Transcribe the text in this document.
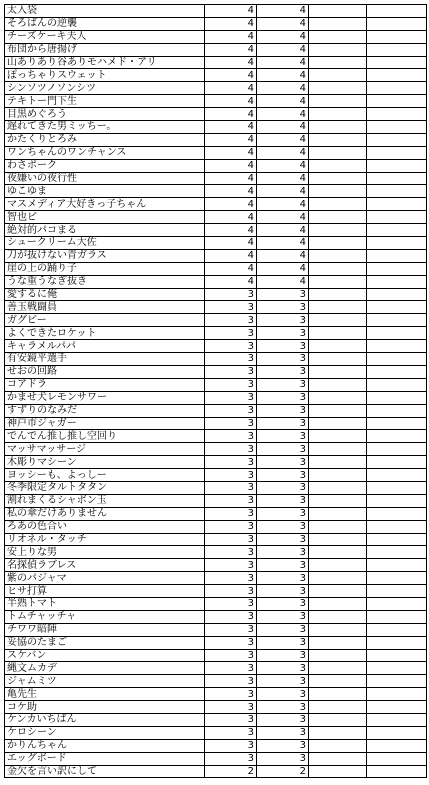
太入袋	4	4		
そろばんの逆襲	4	4		
チーズケーキ夫人	4	4		
布団から唐揚げ	4	4		
山ありあり谷ありモハメド・アリ	4	4		
ぽっちゃりスウェット	4	4		
シンソツノソンシツ	4	4		
テキトー門下生	4	4		
目黒めぐろう	4	4		
遅れてきた男ミッちー。	4	4		
かたくりとろみ	4	4		
ワンちゃんのワンチャンス	4	4		
わさポーク	4	4		
夜嫌いの夜行性	4	4		
ゆこゆま	4	4		
マスメディア大好きっ子ちゃん	4	4		
智也ピ	4	4		
絶対的パコまる	4	4		
シュークリーム大佐	4	4		
刀が抜けない青ガラス	4	4		
崖の上の踊り子	4	4		
うな重うなぎ抜き	4	4		
愛するに俺	3	3		
善玉戦闘員	3	3		
ガグピー	3	3		
よくできたロケット	3	3		
キャラメルパパ	3	3		
有安鏡平選手	3	3		
せおの回路	3	3		
コアドラ	3	3		
かませ犬レモンサワー	3	3		
すずりのなみだ	3	3		
神戸市ジャガー	3	3		
でんでん推し推し空回り	3	3		
マッサマッサージ	3	3		
木彫りマシーン	3	3		
ヨッシーも、よっしー	3	3		
冬季限定タルトタタン	3	3		
割れまくるシャボン玉	3	3		
私の傘だけありません	3	3		
ろあの色合い	3	3		
リオネル・タッチ	3	3		
安上りな男	3	3		
名探偵ラブレス	3	3		
紫のパジャマ	3	3		
ヒサ打算	3	3		
半熟トマト	3	3		
トムチャッチャ	3	3		
チワワ暗陣	3	3		
妥協のたまご	3	3		
スケバン	3	3		
縄文ムカデ	3	3		
ジャムミツ	3	3		
亀先生	3	3		
コケ助	3	3		
ケンカいちばん	3	3		
ケロシーン	3	3		
かりんちゃん	3	3		
エッグボード	3	3		
金欠を言い訳にして	2	2		
